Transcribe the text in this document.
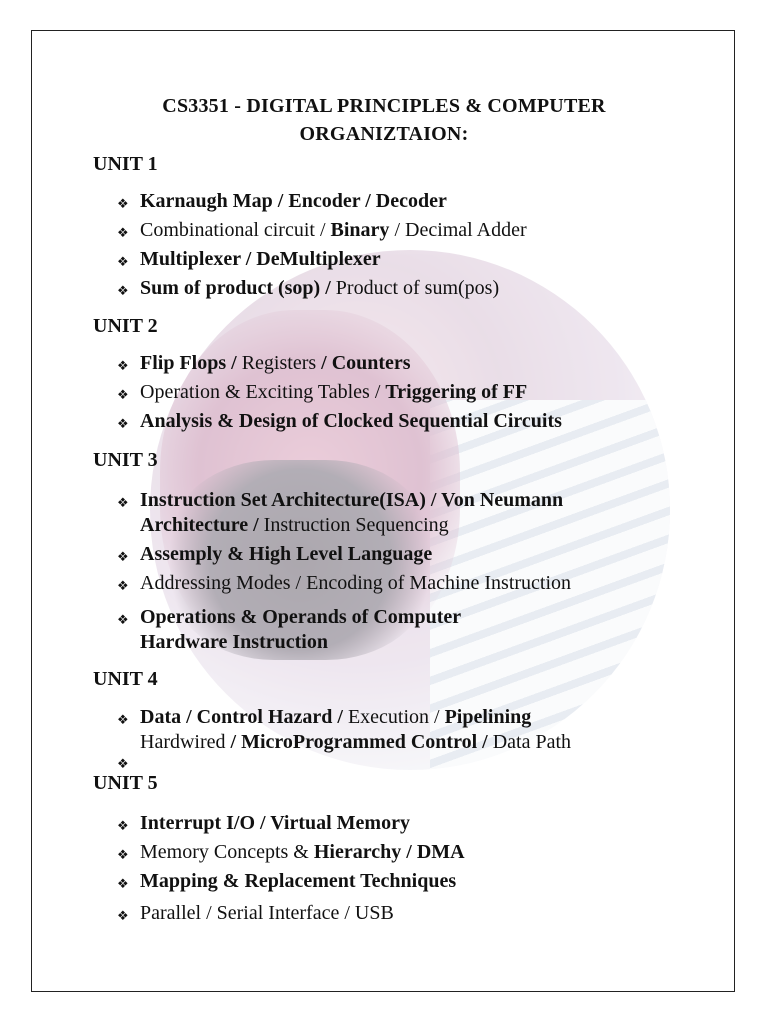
CS3351 - DIGITAL PRINCIPLES & COMPUTER
ORGANIZTAION:
UNIT 1
❖ Karnaugh Map / Encoder / Decoder
❖ Combinational circuit / Binary / Decimal Adder
❖ Multiplexer / DeMultiplexer
❖ Sum of product (sop) / Product of sum(pos)
UNIT 2
❖ Flip Flops / Registers / Counters
❖ Operation & Exciting Tables / Triggering of FF
❖ Analysis & Design of Clocked Sequential Circuits
UNIT 3
❖ Instruction Set Architecture(ISA) / Von Neumann Architecture / Instruction Sequencing
❖ Assemply & High Level Language
❖ Addressing Modes / Encoding of Machine Instruction
❖ Operations & Operands of Computer Hardware Instruction
UNIT 4
❖ Data / Control Hazard / Execution / Pipelining
Hardwired / MicroProgrammed Control / Data Path
❖
UNIT 5
❖ Interrupt I/O / Virtual Memory
❖ Memory Concepts & Hierarchy / DMA
❖ Mapping & Replacement Techniques
❖ Parallel / Serial Interface / USB
